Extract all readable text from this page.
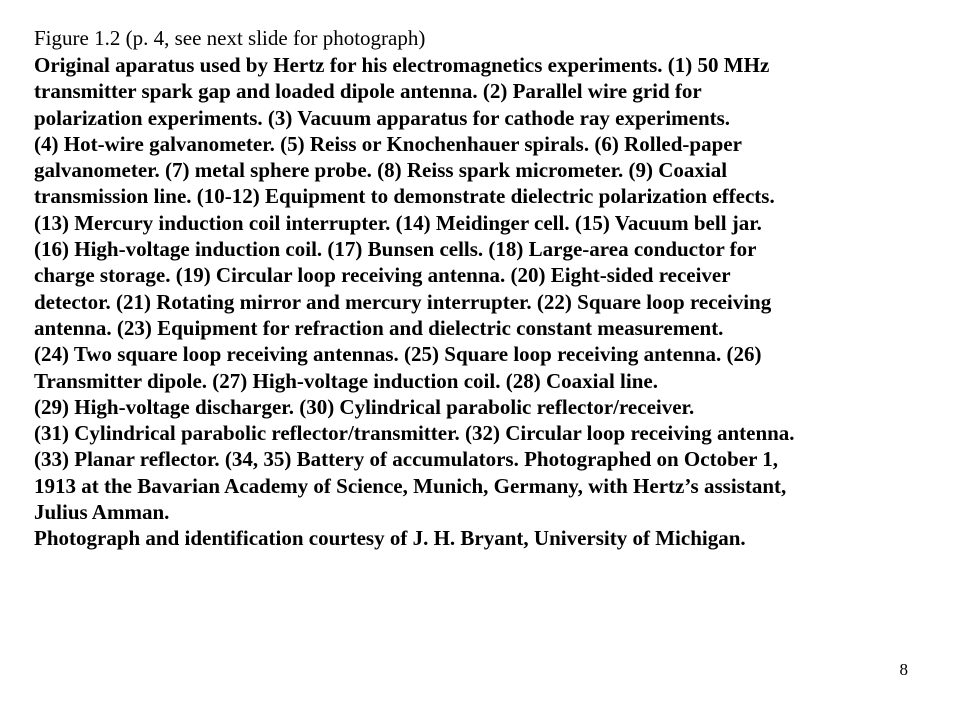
Figure 1.2 (p. 4, see next slide for photograph)

Original aparatus used by Hertz for his electromagnetics experiments. (1) 50 MHz

transmitter spark gap and loaded dipole antenna. (2) Parallel wire grid for

polarization experiments. (3) Vacuum apparatus for cathode ray experiments.

(4) Hot-wire galvanometer. (5) Reiss or Knochenhauer spirals. (6) Rolled-paper

galvanometer. (7) metal sphere probe. (8) Reiss spark micrometer. (9) Coaxial

transmission line. (10-12) Equipment to demonstrate dielectric polarization effects.

(13) Mercury induction coil interrupter. (14) Meidinger cell. (15) Vacuum bell jar.

(16) High-voltage induction coil. (17) Bunsen cells. (18) Large-area conductor for

charge storage. (19) Circular loop receiving antenna. (20) Eight-sided receiver

detector. (21) Rotating mirror and mercury interrupter. (22) Square loop receiving

antenna. (23) Equipment for refraction and dielectric constant measurement.

(24) Two square loop receiving antennas. (25) Square loop receiving antenna. (26)

Transmitter dipole. (27) High-voltage induction coil. (28) Coaxial line.

(29) High-voltage discharger. (30) Cylindrical parabolic reflector/receiver.

(31) Cylindrical parabolic reflector/transmitter. (32) Circular loop receiving antenna.

(33) Planar reflector. (34, 35) Battery of accumulators. Photographed on October 1,

1913 at the Bavarian Academy of Science, Munich, Germany, with Hertz’s assistant,

Julius Amman.

Photograph and identification courtesy of J. H. Bryant, University of Michigan.

8
